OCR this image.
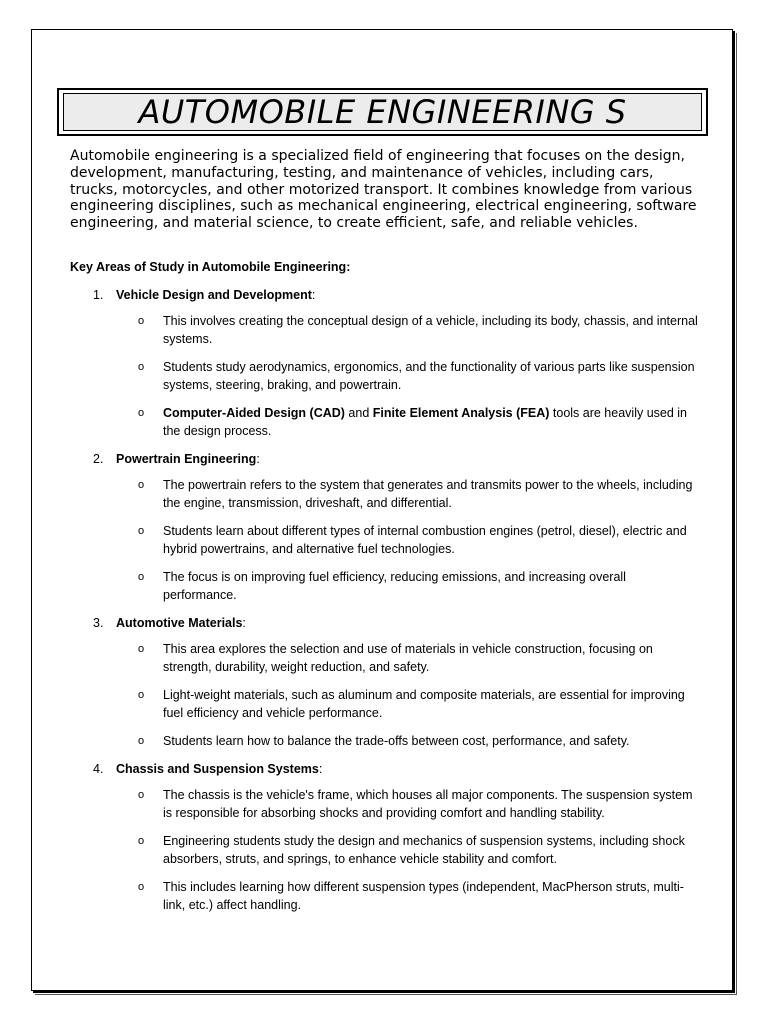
AUTOMOBILE ENGINEERING S

Automobile engineering is a specialized field of engineering that focuses on the design, development, manufacturing, testing, and maintenance of vehicles, including cars, trucks, motorcycles, and other motorized transport. It combines knowledge from various engineering disciplines, such as mechanical engineering, electrical engineering, software engineering, and material science, to create efficient, safe, and reliable vehicles.

Key Areas of Study in Automobile Engineering:

1.	Vehicle Design and Development :
o	This involves creating the conceptual design of a vehicle, including its body, chassis, and internal systems.
o	Students study aerodynamics, ergonomics, and the functionality of various parts like suspension systems, steering, braking, and powertrain.
o	Computer-Aided Design (CAD) and Finite Element Analysis (FEA) tools are heavily used in the design process.
2.	Powertrain Engineering :
o	The powertrain refers to the system that generates and transmits power to the wheels, including the engine, transmission, driveshaft, and differential.
o	Students learn about different types of internal combustion engines (petrol, diesel), electric and hybrid powertrains, and alternative fuel technologies.
o	The focus is on improving fuel efficiency, reducing emissions, and increasing overall performance.
3.	Automotive Materials :
o	This area explores the selection and use of materials in vehicle construction, focusing on strength, durability, weight reduction, and safety.
o	Light-weight materials, such as aluminum and composite materials, are essential for improving fuel efficiency and vehicle performance.
o	Students learn how to balance the trade-offs between cost, performance, and safety.
4.	Chassis and Suspension Systems :
o	The chassis is the vehicle's frame, which houses all major components. The suspension system is responsible for absorbing shocks and providing comfort and handling stability.
o	Engineering students study the design and mechanics of suspension systems, including shock absorbers, struts, and springs, to enhance vehicle stability and comfort.
o	This includes learning how different suspension types (independent, MacPherson struts, multi-link, etc.) affect handling.
